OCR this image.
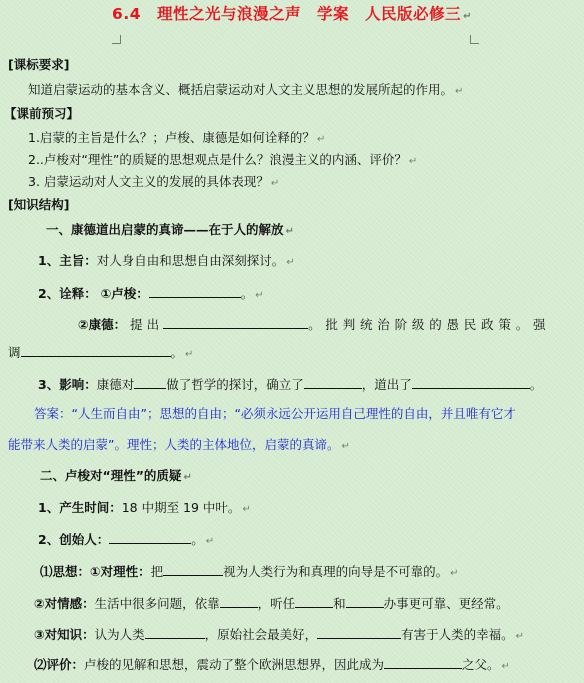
6.4 理性之光与浪漫之声 学案 人民版必修三 ↵
[课标要求]
知道启蒙运动的基本含义、概括启蒙运动对人文主义思想的发展所起的作用。 ↵
【课前预习】
1.启蒙的主旨是什么？；卢梭、康德是如何诠释的？ ↵
2..卢梭对“理性”的质疑的思想观点是什么？浪漫主义的内涵、评价？ ↵
3. 启蒙运动对人文主义的发展的具体表现？ ↵
[知识结构]
一、康德道出启蒙的真谛——在于人的解放 ↵
1、主旨：对人身自由和思想自由深刻探讨。 ↵
2、诠释： ①卢梭：	。 ↵
②康德： 提出	。批判统治阶级的愚民政策。强
调	。 ↵
3、影响：康德对	做了哲学的探讨，确立了	，道出了	。
答案：“人生而自由”；思想的自由；“必须永远公开运用自己理性的自由，并且唯有它才
能带来人类的启蒙”。理性；人类的主体地位，启蒙的真谛。 ↵
二、卢梭对“理性”的质疑 ↵
1、产生时间：18 中期至 19 中叶。 ↵
2、创始人：	。 ↵
⑴思想：①对理性：把	视为人类行为和真理的向导是不可靠的。 ↵
②对情感：生活中很多问题，依靠	，听任	和	办事更可靠、更经常。
③对知识：认为人类	，原始社会最美好，	有害于人类的幸福。 ↵
⑵评价：卢梭的见解和思想，震动了整个欧洲思想界，因此成为	之父。 ↵
